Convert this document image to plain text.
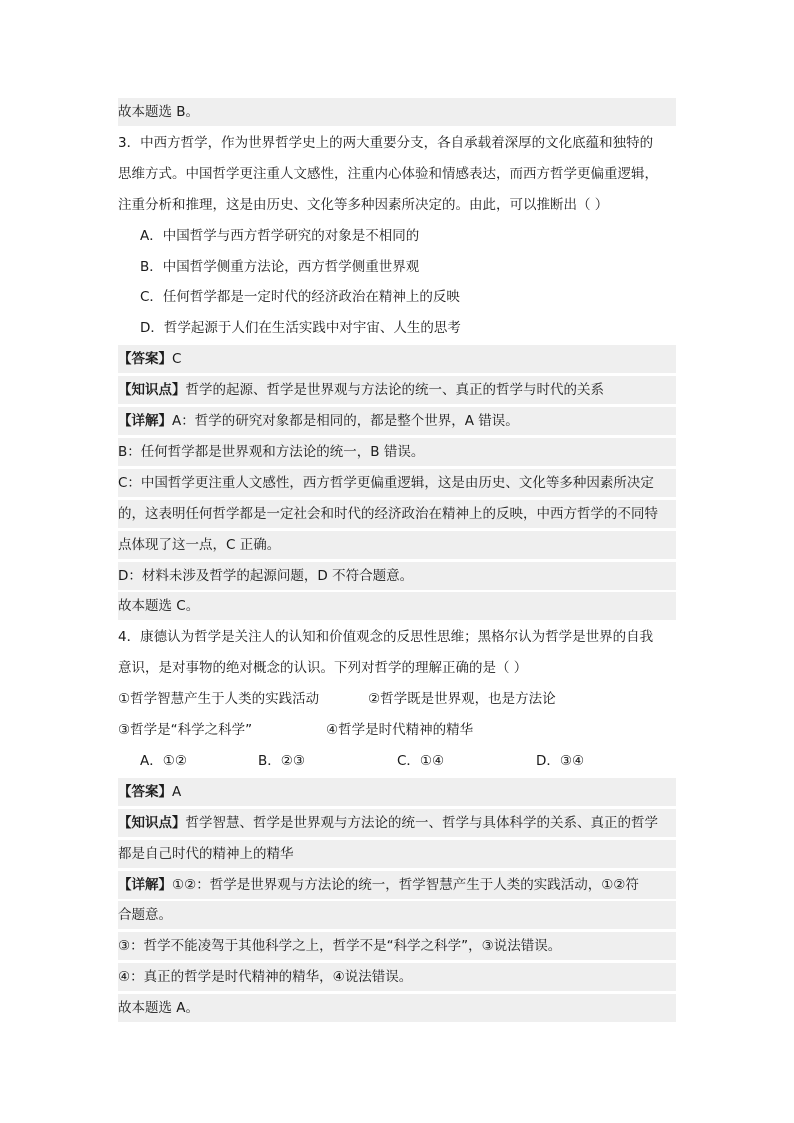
故本题选 B。
3．中西方哲学，作为世界哲学史上的两大重要分支，各自承载着深厚的文化底蕴和独特的
思维方式。中国哲学更注重人文感性，注重内心体验和情感表达，而西方哲学更偏重逻辑，
注重分析和推理，这是由历史、文化等多种因素所决定的。由此，可以推断出（ ）
A．中国哲学与西方哲学研究的对象是不相同的
B．中国哲学侧重方法论，西方哲学侧重世界观
C．任何哲学都是一定时代的经济政治在精神上的反映
D．哲学起源于人们在生活实践中对宇宙、人生的思考
【答案】C
【知识点】哲学的起源、哲学是世界观与方法论的统一、真正的哲学与时代的关系
【详解】A：哲学的研究对象都是相同的，都是整个世界，A 错误。
B：任何哲学都是世界观和方法论的统一，B 错误。
C：中国哲学更注重人文感性，西方哲学更偏重逻辑，这是由历史、文化等多种因素所决定
的，这表明任何哲学都是一定社会和时代的经济政治在精神上的反映，中西方哲学的不同特
点体现了这一点，C 正确。
D：材料未涉及哲学的起源问题，D 不符合题意。
故本题选 C。
4．康德认为哲学是关注人的认知和价值观念的反思性思维；黑格尔认为哲学是世界的自我
意识，是对事物的绝对概念的认识。下列对哲学的理解正确的是（ ）
①哲学智慧产生于人类的实践活动	②哲学既是世界观，也是方法论
③哲学是“科学之科学”	④哲学是时代精神的精华
A．①②	B．②③	C．①④	D．③④
【答案】A
【知识点】哲学智慧、哲学是世界观与方法论的统一、哲学与具体科学的关系、真正的哲学
都是自己时代的精神上的精华
【详解】①②：哲学是世界观与方法论的统一，哲学智慧产生于人类的实践活动，①②符
合题意。
③：哲学不能凌驾于其他科学之上，哲学不是“科学之科学”，③说法错误。
④：真正的哲学是时代精神的精华，④说法错误。
故本题选 A。
